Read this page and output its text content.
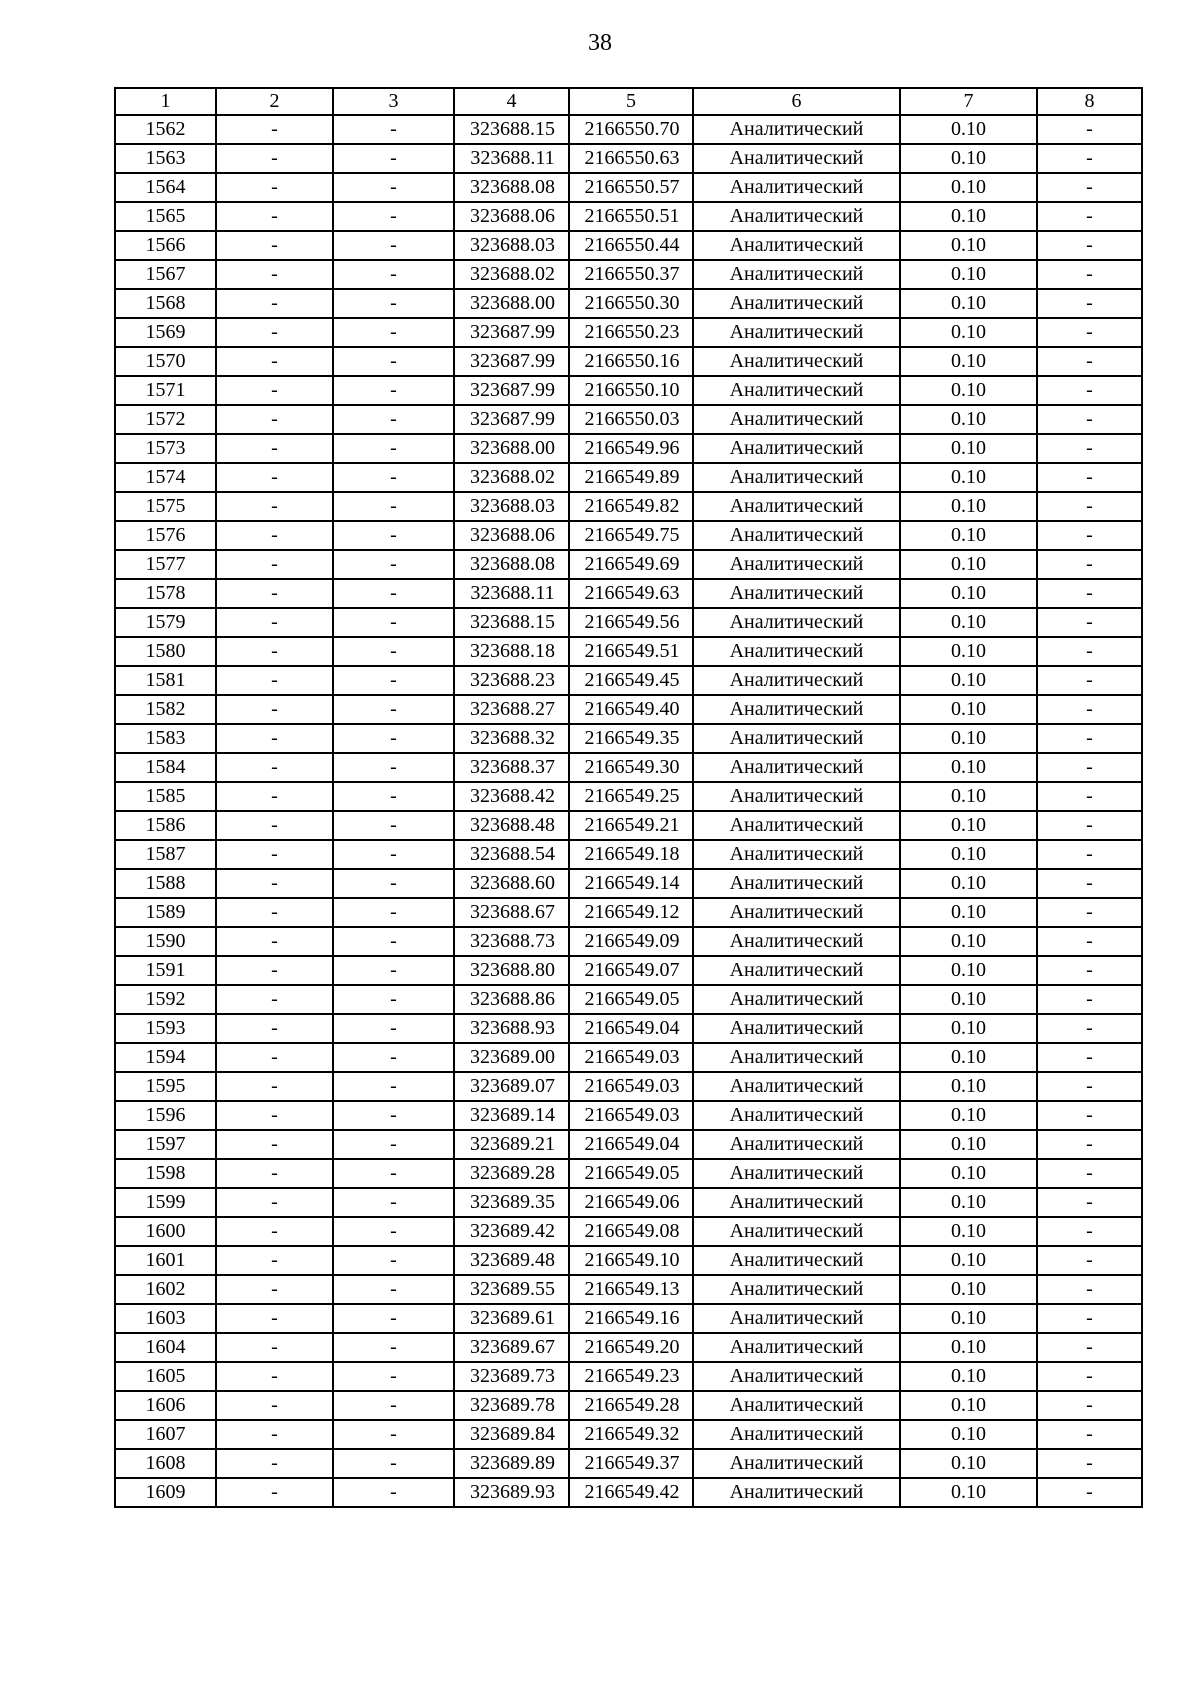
38
1	2	3	4	5	6	7	8
1562	-	-	323688.15	2166550.70	Аналитический	0.10	-
1563	-	-	323688.11	2166550.63	Аналитический	0.10	-
1564	-	-	323688.08	2166550.57	Аналитический	0.10	-
1565	-	-	323688.06	2166550.51	Аналитический	0.10	-
1566	-	-	323688.03	2166550.44	Аналитический	0.10	-
1567	-	-	323688.02	2166550.37	Аналитический	0.10	-
1568	-	-	323688.00	2166550.30	Аналитический	0.10	-
1569	-	-	323687.99	2166550.23	Аналитический	0.10	-
1570	-	-	323687.99	2166550.16	Аналитический	0.10	-
1571	-	-	323687.99	2166550.10	Аналитический	0.10	-
1572	-	-	323687.99	2166550.03	Аналитический	0.10	-
1573	-	-	323688.00	2166549.96	Аналитический	0.10	-
1574	-	-	323688.02	2166549.89	Аналитический	0.10	-
1575	-	-	323688.03	2166549.82	Аналитический	0.10	-
1576	-	-	323688.06	2166549.75	Аналитический	0.10	-
1577	-	-	323688.08	2166549.69	Аналитический	0.10	-
1578	-	-	323688.11	2166549.63	Аналитический	0.10	-
1579	-	-	323688.15	2166549.56	Аналитический	0.10	-
1580	-	-	323688.18	2166549.51	Аналитический	0.10	-
1581	-	-	323688.23	2166549.45	Аналитический	0.10	-
1582	-	-	323688.27	2166549.40	Аналитический	0.10	-
1583	-	-	323688.32	2166549.35	Аналитический	0.10	-
1584	-	-	323688.37	2166549.30	Аналитический	0.10	-
1585	-	-	323688.42	2166549.25	Аналитический	0.10	-
1586	-	-	323688.48	2166549.21	Аналитический	0.10	-
1587	-	-	323688.54	2166549.18	Аналитический	0.10	-
1588	-	-	323688.60	2166549.14	Аналитический	0.10	-
1589	-	-	323688.67	2166549.12	Аналитический	0.10	-
1590	-	-	323688.73	2166549.09	Аналитический	0.10	-
1591	-	-	323688.80	2166549.07	Аналитический	0.10	-
1592	-	-	323688.86	2166549.05	Аналитический	0.10	-
1593	-	-	323688.93	2166549.04	Аналитический	0.10	-
1594	-	-	323689.00	2166549.03	Аналитический	0.10	-
1595	-	-	323689.07	2166549.03	Аналитический	0.10	-
1596	-	-	323689.14	2166549.03	Аналитический	0.10	-
1597	-	-	323689.21	2166549.04	Аналитический	0.10	-
1598	-	-	323689.28	2166549.05	Аналитический	0.10	-
1599	-	-	323689.35	2166549.06	Аналитический	0.10	-
1600	-	-	323689.42	2166549.08	Аналитический	0.10	-
1601	-	-	323689.48	2166549.10	Аналитический	0.10	-
1602	-	-	323689.55	2166549.13	Аналитический	0.10	-
1603	-	-	323689.61	2166549.16	Аналитический	0.10	-
1604	-	-	323689.67	2166549.20	Аналитический	0.10	-
1605	-	-	323689.73	2166549.23	Аналитический	0.10	-
1606	-	-	323689.78	2166549.28	Аналитический	0.10	-
1607	-	-	323689.84	2166549.32	Аналитический	0.10	-
1608	-	-	323689.89	2166549.37	Аналитический	0.10	-
1609	-	-	323689.93	2166549.42	Аналитический	0.10	-
